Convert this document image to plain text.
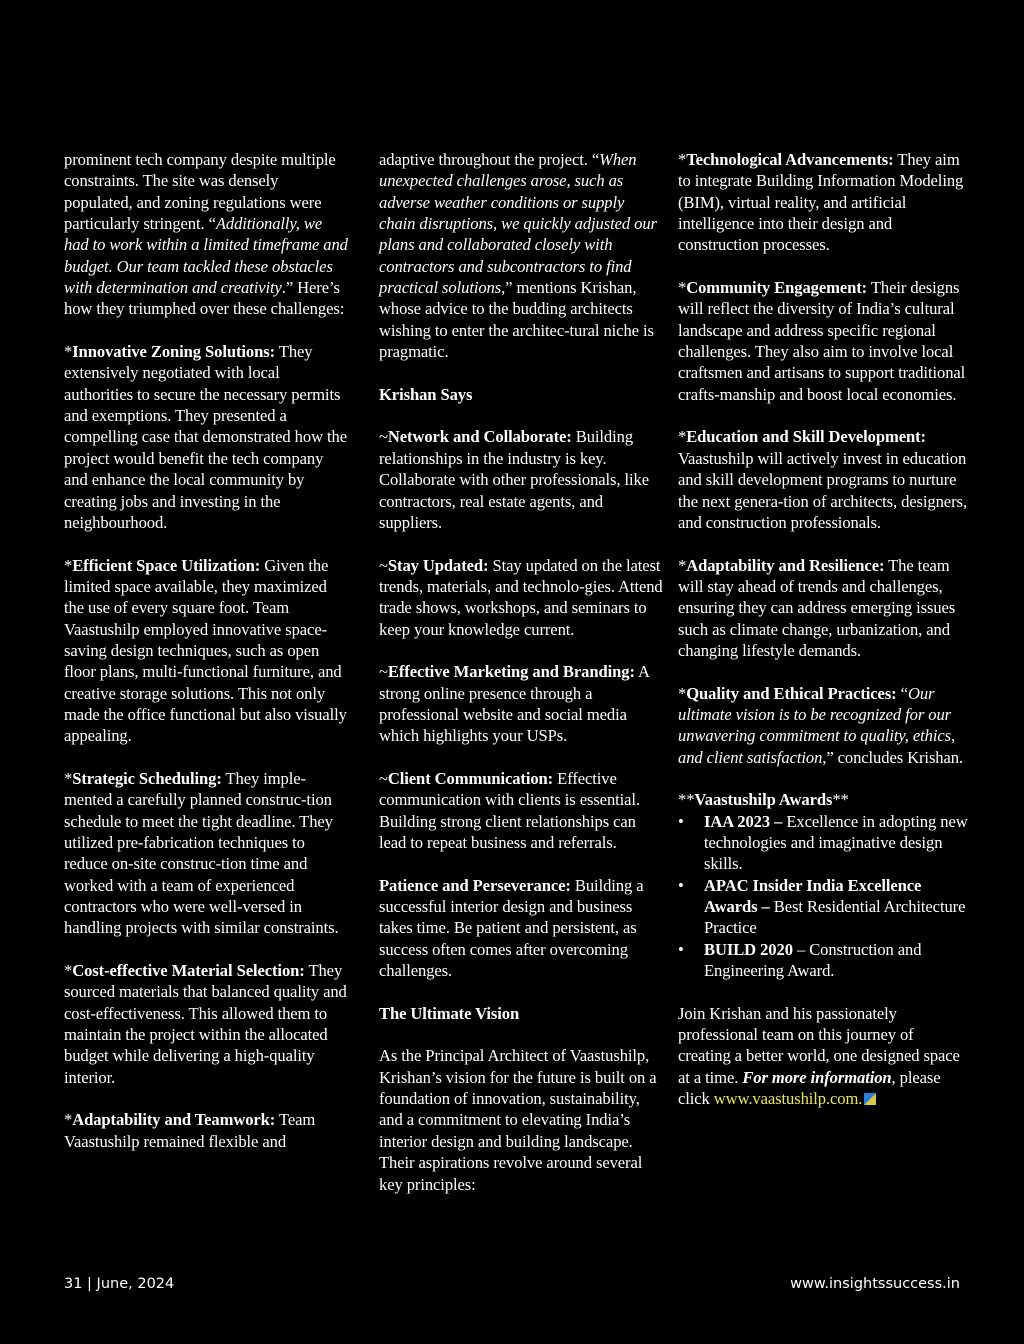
prominent tech company despite multiple constraints. The site was densely populated, and zoning regulations were particularly stringent. “Additionally, we had to work within a limited timeframe and budget. Our team tackled these obstacles with determination and creativity.” Here’s how they triumphed over these challenges:

*Innovative Zoning Solutions: They extensively negotiated with local authorities to secure the necessary permits and exemptions. They presented a compelling case that demonstrated how the project would benefit the tech company and enhance the local community by creating jobs and investing in the neighbourhood.

*Efficient Space Utilization: Given the limited space available, they maximized the use of every square foot. Team Vaastushilp employed innovative space-saving design techniques, such as open floor plans, multi-functional furniture, and creative storage solutions. This not only made the office functional but also visually appealing.

*Strategic Scheduling: They imple-mented a carefully planned construc-tion schedule to meet the tight deadline. They utilized pre-fabrication techniques to reduce on-site construc-tion time and worked with a team of experienced contractors who were well-versed in handling projects with similar constraints.

*Cost-effective Material Selection: They sourced materials that balanced quality and cost-effectiveness. This allowed them to maintain the project within the allocated budget while delivering a high-quality interior.

*Adaptability and Teamwork: Team Vaastushilp remained flexible and

adaptive throughout the project. “When unexpected challenges arose, such as adverse weather conditions or supply chain disruptions, we quickly adjusted our plans and collaborated closely with contractors and subcontractors to find practical solutions,” mentions Krishan, whose advice to the budding architects wishing to enter the architec-tural niche is pragmatic.

Krishan Says

~Network and Collaborate: Building relationships in the industry is key. Collaborate with other professionals, like contractors, real estate agents, and suppliers.

~Stay Updated: Stay updated on the latest trends, materials, and technolo-gies. Attend trade shows, workshops, and seminars to keep your knowledge current.

~Effective Marketing and Branding: A strong online presence through a professional website and social media which highlights your USPs.

~Client Communication: Effective communication with clients is essential. Building strong client relationships can lead to repeat business and referrals.

Patience and Perseverance: Building a successful interior design and business takes time. Be patient and persistent, as success often comes after overcoming challenges.

The Ultimate Vision

As the Principal Architect of Vaastushilp, Krishan’s vision for the future is built on a foundation of innovation, sustainability, and a commitment to elevating India’s interior design and building landscape. Their aspirations revolve around several key principles:

*Technological Advancements: They aim to integrate Building Information Modeling (BIM), virtual reality, and artificial intelligence into their design and construction processes.

*Community Engagement: Their designs will reflect the diversity of India’s cultural landscape and address specific regional challenges. They also aim to involve local craftsmen and artisans to support traditional crafts-manship and boost local economies.

*Education and Skill Development: Vaastushilp will actively invest in education and skill development programs to nurture the next genera-tion of architects, designers, and construction professionals.

*Adaptability and Resilience: The team will stay ahead of trends and challenges, ensuring they can address emerging issues such as climate change, urbanization, and changing lifestyle demands.

*Quality and Ethical Practices: “Our ultimate vision is to be recognized for our unwavering commitment to quality, ethics, and client satisfaction,” concludes Krishan.

**Vaastushilp Awards**
• IAA 2023 – Excellence in adopting new technologies and imaginative design skills.
• APAC Insider India Excellence Awards – Best Residential Architecture Practice
• BUILD 2020 – Construction and Engineering Award.

Join Krishan and his passionately professional team on this journey of creating a better world, one designed space at a time. For more information, please click www.vaastushilp.com.

31 | June, 2024	www.insightssuccess.in
